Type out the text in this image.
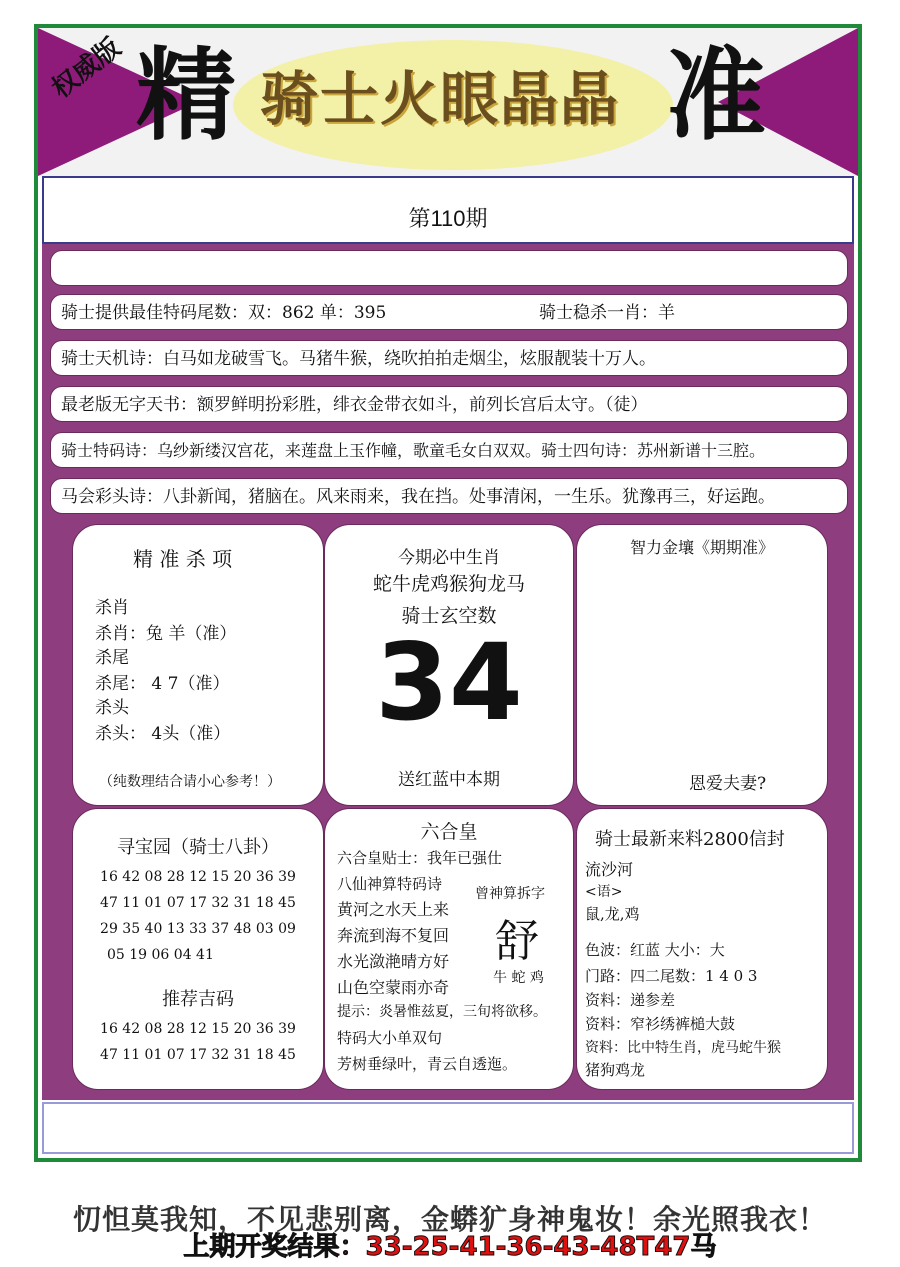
权威版 精 骑士火眼晶晶 准
第110期
骑士提供最佳特码尾数：双：862 单：395	骑士稳杀一肖：羊
骑士天机诗：白马如龙破雪飞。马猪牛猴，绕吹拍拍走烟尘，炫服靓装十万人。
最老版无字天书：额罗鲜明扮彩胜，绯衣金带衣如斗，前列长宫后太守。（徒）
骑士特码诗：乌纱新缕汉宫花，来莲盘上玉作幢，歌童毛女白双双。骑士四句诗：苏州新谱十三腔。
马会彩头诗：八卦新闻，猪脑在。风来雨来，我在挡。处事清闲，一生乐。犹豫再三，好运跑。
精 准 杀 项
杀肖
杀肖：兔 羊（准）
杀尾
杀尾： 4 7（准）
杀头
杀头： 4头（准）
（纯数理结合请小心参考！）
今期必中生肖
蛇牛虎鸡猴狗龙马
骑士玄空数
34
送红蓝中本期
智力金壤《期期准》
恩爱夫妻?
寻宝园（骑士八卦）
16 42 08 28 12 15 20 36 39
47 11 01 07 17 32 31 18 45
29 35 40 13 33 37 48 03 09
05 19 06 04 41
推荐吉码
16 42 08 28 12 15 20 36 39
47 11 01 07 17 32 31 18 45
六合皇
六合皇贴士：我年已强仕
八仙神算特码诗
黄河之水天上来
奔流到海不复回
水光潋滟晴方好
山色空蒙雨亦奇
提示：炎暑惟兹夏，三旬将欲移。
特码大小单双句
芳树垂绿叶，青云自透迤。
曾神算拆字
舒
牛 蛇 鸡
骑士最新来料2800信封
流沙河
<语>
鼠,龙,鸡
色波：红蓝 大小：大
门路：四二尾数：1 4 0 3
资料：递参差
资料：窄衫绣裤槌大鼓
资料：比中特生肖，虎马蛇牛猴
猪狗鸡龙
忉怛莫我知，不见悲别离，金蟒犷身神鬼妆！余光照我衣！
上期开奖结果：33-25-41-36-43-48T47马
